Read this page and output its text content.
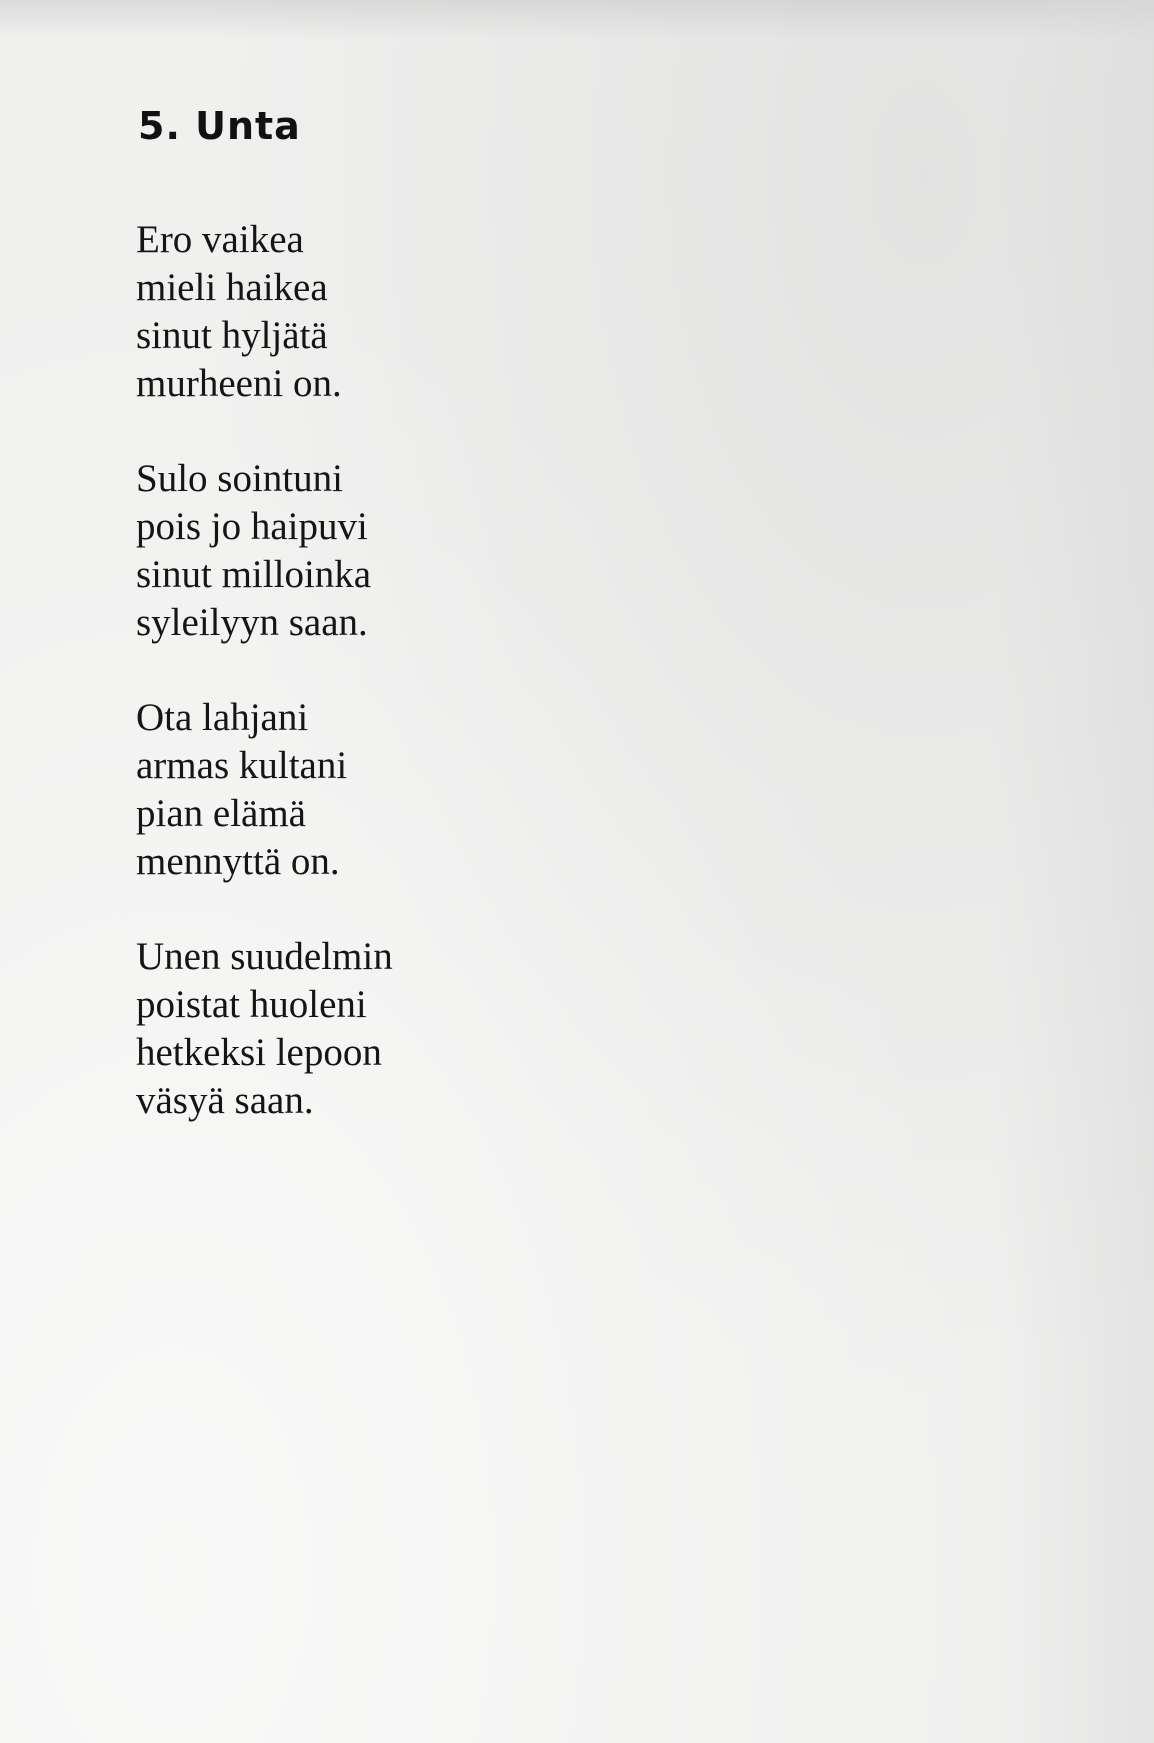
5. Unta
Ero vaikea
mieli haikea
sinut hyljätä
murheeni on.
Sulo sointuni
pois jo haipuvi
sinut milloinka
syleilyyn saan.
Ota lahjani
armas kultani
pian elämä
mennyttä on.
Unen suudelmin
poistat huoleni
hetkeksi lepoon
väsyä saan.
